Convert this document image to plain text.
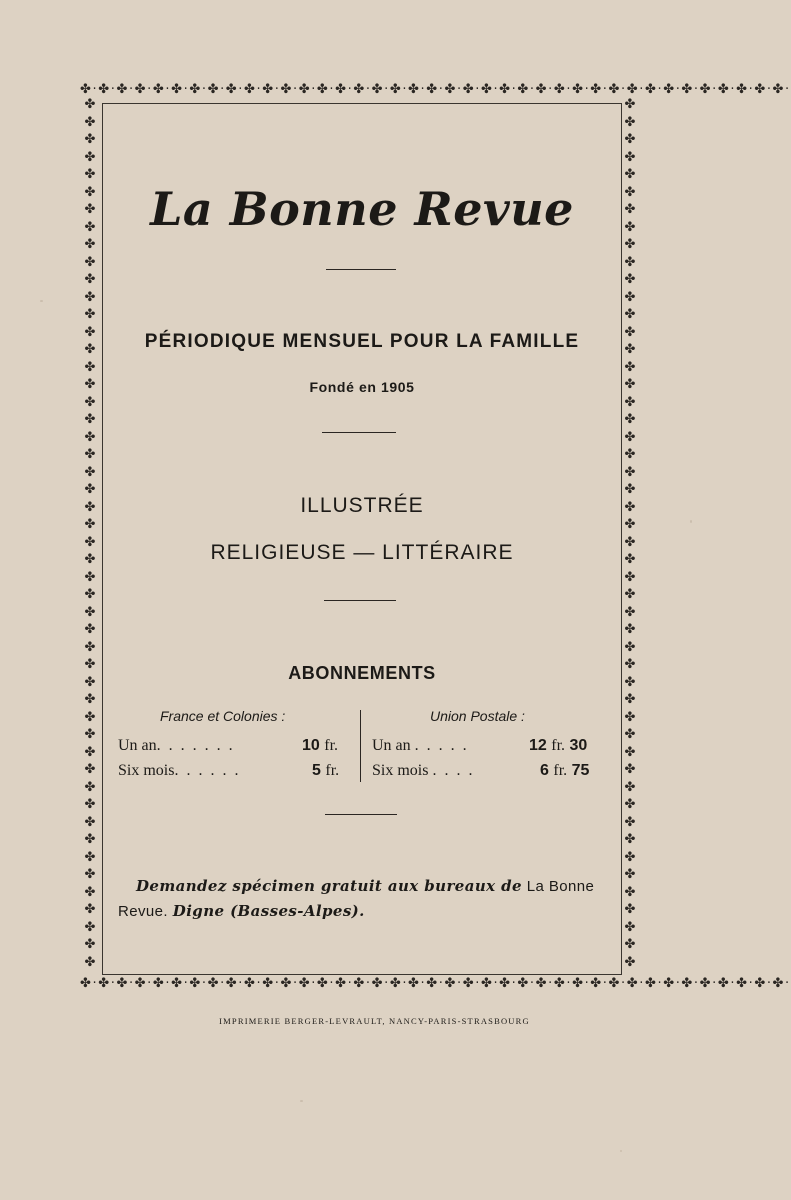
✤·✤·✤·✤·✤·✤·✤·✤·✤·✤·✤·✤·✤·✤·✤·✤·✤·✤·✤·✤·✤·✤·✤·✤·✤·✤·✤·✤·✤·✤·✤·✤·✤·✤·✤·✤·✤·✤·✤·
✤·✤·✤·✤·✤·✤·✤·✤·✤·✤·✤·✤·✤·✤·✤·✤·✤·✤·✤·✤·✤·✤·✤·✤·✤·✤·✤·✤·✤·✤·✤·✤·✤·✤·✤·✤·✤·✤·✤·
✤ ✤ ✤ ✤ ✤ ✤ ✤ ✤ ✤ ✤ ✤ ✤ ✤ ✤ ✤ ✤ ✤ ✤ ✤ ✤ ✤ ✤ ✤ ✤ ✤ ✤ ✤ ✤ ✤ ✤ ✤ ✤ ✤ ✤ ✤ ✤ ✤ ✤ ✤ ✤ ✤ ✤ ✤ ✤ ✤ ✤ ✤ ✤ ✤ ✤
✤ ✤ ✤ ✤ ✤ ✤ ✤ ✤ ✤ ✤ ✤ ✤ ✤ ✤ ✤ ✤ ✤ ✤ ✤ ✤ ✤ ✤ ✤ ✤ ✤ ✤ ✤ ✤ ✤ ✤ ✤ ✤ ✤ ✤ ✤ ✤ ✤ ✤ ✤ ✤ ✤ ✤ ✤ ✤ ✤ ✤ ✤ ✤ ✤ ✤
La Bonne Revue
PÉRIODIQUE MENSUEL POUR LA FAMILLE
Fondé en 1905
ILLUSTRÉE
RELIGIEUSE — LITTÉRAIRE
ABONNEMENTS
France et Colonies :	Union Postale :
Un an. . . . . . .	10 fr.
Six mois. . . . . .	5 fr.
Un an . . . . .	12 fr. 30
Six mois . . . .	6 fr. 75
Demandez spécimen gratuit aux bureaux de La Bonne Revue. Digne (Basses-Alpes).
IMPRIMERIE BERGER-LEVRAULT, NANCY-PARIS-STRASBOURG
